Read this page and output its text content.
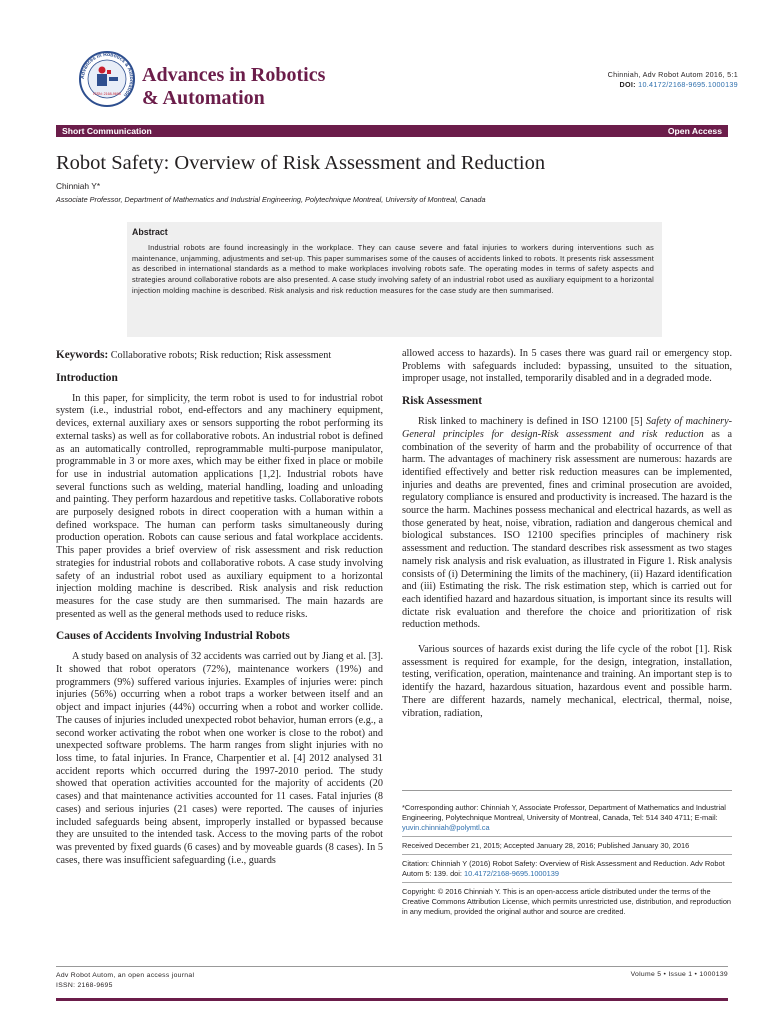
Advances in Robotics & Automation
ISSN: 2168-9695
Advances in Robotics
& Automation
Chinniah, Adv Robot Autom 2016, 5:1
DOI: 10.4172/2168-9695.1000139
Short Communication	Open Access
Robot Safety: Overview of Risk Assessment and Reduction
Chinniah Y*
Associate Professor, Department of Mathematics and Industrial Engineering, Polytechnique Montreal, University of Montreal, Canada
Abstract

Industrial robots are found increasingly in the workplace. They can cause severe and fatal injuries to workers during interventions such as maintenance, unjamming, adjustments and set-up. This paper summarises some of the causes of accidents linked to robots. It presents risk assessment as described in international standards as a method to make workplaces involving robots safe. The operating modes in terms of safety aspects and strategies around collaborative robots are also presented. A case study involving safety of an industrial robot used as auxiliary equipment to a horizontal injection molding machine is described. Risk analysis and risk reduction measures for the case study are then summarised.

Keywords: Collaborative robots; Risk reduction; Risk assessment

Introduction

In this paper, for simplicity, the term robot is used to for industrial robot system (i.e., industrial robot, end-effectors and any machinery equipment, devices, external auxiliary axes or sensors supporting the robot performing its external tasks) as well as for collaborative robots. An industrial robot is defined as an automatically controlled, reprogrammable multi-purpose manipulator, programmable in 3 or more axes, which may be either fixed in place or mobile for use in industrial automation applications [1,2]. Industrial robots have several functions such as welding, material handling, loading and unloading and painting. They perform hazardous and repetitive tasks. Collaborative robots are purposely designed robots in direct cooperation with a human within a defined workspace. The human can perform tasks simultaneously during production operation. Robots can cause serious and fatal workplace accidents. This paper provides a brief overview of risk assessment and risk reduction strategies for industrial robots and collaborative robots. A case study involving safety of an industrial robot used as auxiliary equipment to a horizontal injection molding machine is described. Risk analysis and risk reduction measures for the case study are then summarised. The main hazards are presented as well as the general methods used to reduce risks.

Causes of Accidents Involving Industrial Robots

A study based on analysis of 32 accidents was carried out by Jiang et al. [3]. It showed that robot operators (72%), maintenance workers (19%) and programmers (9%) suffered various injuries. Examples of injuries were: pinch injuries (56%) occurring when a robot traps a worker between itself and an object and impact injuries (44%) occurring when a robot and worker collide. The causes of injuries included unexpected robot behavior, human errors (e.g., a second worker activating the robot when one worker is close to the robot) and unexpected software problems. The harm ranges from slight injuries with no loss time, to fatal injuries. In France, Charpentier et al. [4] 2012 analysed 31 accident reports which occurred during the 1997-2010 period. The study showed that operation activities accounted for the majority of accidents (20 cases) and that maintenance activities accounted for 11 cases. Fatal injuries (8 cases) and serious injuries (21 cases) were reported. The causes of injuries included safeguards being absent, improperly installed or bypassed because they are unsuited to the intended task. Access to the moving parts of the robot was prevented by fixed guards (6 cases) and by moveable guards (8 cases). In 5 cases, there was insufficient safeguarding (i.e., guards

allowed access to hazards). In 5 cases there was guard rail or emergency stop. Problems with safeguards included: bypassing, unsuited to the situation, improper usage, not installed, temporarily disabled and in a degraded mode.

Risk Assessment

Risk linked to machinery is defined in ISO 12100 [5] Safety of machinery-General principles for design-Risk assessment and risk reduction as a combination of the severity of harm and the probability of occurrence of that harm. The advantages of machinery risk assessment are numerous: hazards are identified effectively and better risk reduction measures can be implemented, injuries and deaths are prevented, fines and criminal prosecution are avoided, regulatory compliance is ensured and productivity is increased. The hazard is the source the harm. Machines possess mechanical and electrical hazards, as well as those generated by heat, noise, vibration, radiation and dangerous chemical and biological substances. ISO 12100 specifies principles of machinery risk assessment and reduction. The standard describes risk assessment as two stages namely risk analysis and risk evaluation, as illustrated in Figure 1. Risk analysis consists of (i) Determining the limits of the machinery, (ii) Hazard identification and (iii) Estimating the risk. The risk estimation step, which is carried out for each identified hazard and hazardous situation, is important since its results will dictate risk evaluation and therefore the choice and prioritization of risk reduction methods.

Various sources of hazards exist during the life cycle of the robot [1]. Risk assessment is required for example, for the design, integration, installation, testing, verification, operation, maintenance and training. An important step is to identify the hazard, hazardous situation, hazardous event and possible harm. There are different hazards, namely mechanical, electrical, thermal, noise, vibration, radiation,

*Corresponding author: Chinniah Y, Associate Professor, Department of Mathematics and Industrial Engineering, Polytechnique Montreal, University of Montreal, Canada, Tel: 514 340 4711; E-mail: yuvin.chinniah@polymtl.ca

Received December 21, 2015; Accepted January 28, 2016; Published January 30, 2016

Citation: Chinniah Y (2016) Robot Safety: Overview of Risk Assessment and Reduction. Adv Robot Autom 5: 139. doi: 10.4172/2168-9695.1000139

Copyright: © 2016 Chinniah Y. This is an open-access article distributed under the terms of the Creative Commons Attribution License, which permits unrestricted use, distribution, and reproduction in any medium, provided the original author and source are credited.

Adv Robot Autom, an open access journal
ISSN: 2168-9695
Volume 5 • Issue 1 • 1000139
